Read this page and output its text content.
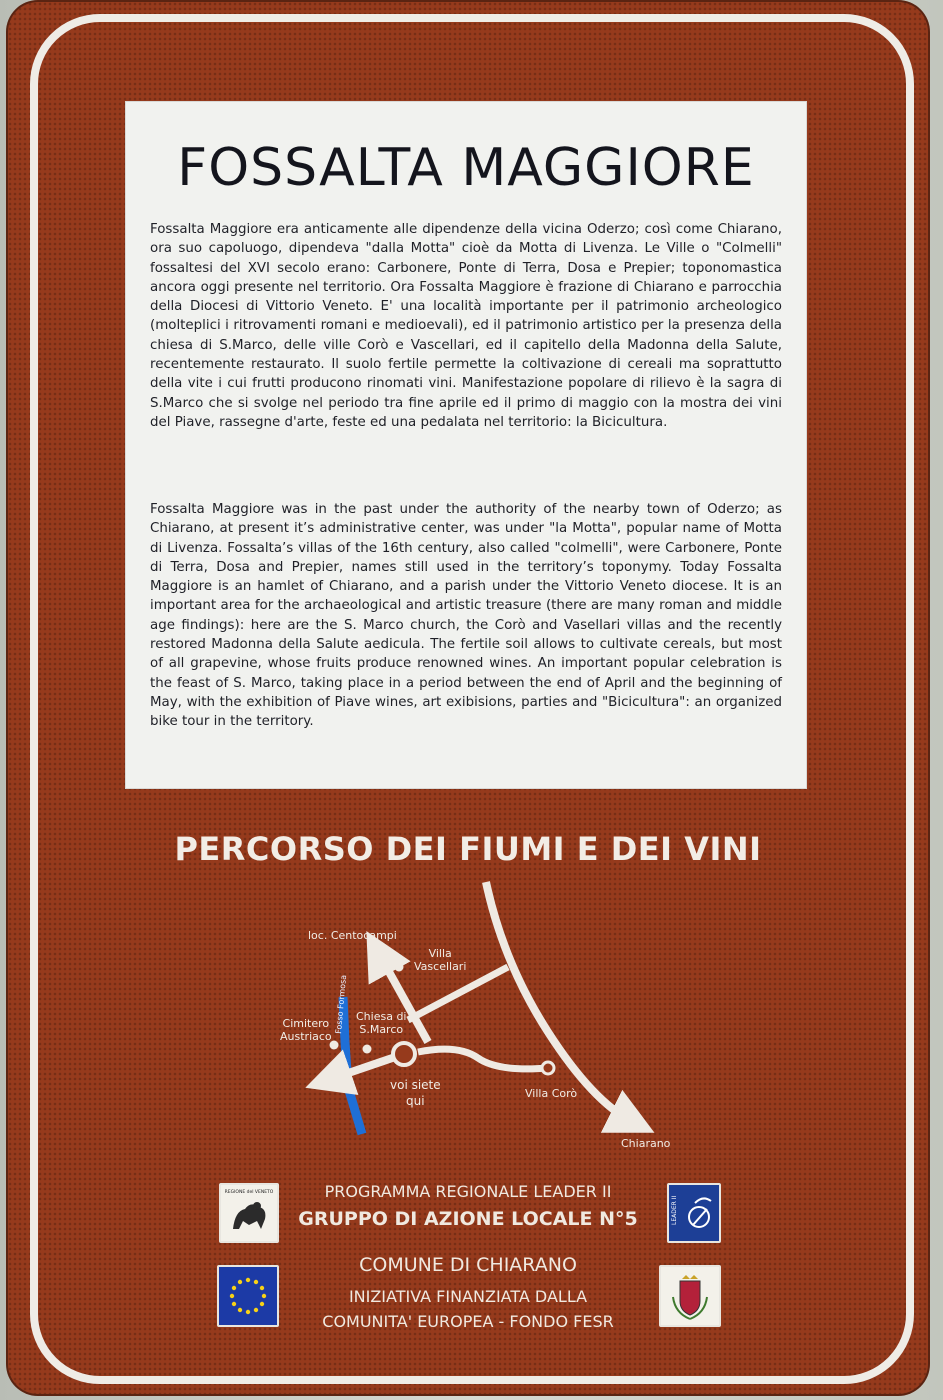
FOSSALTA MAGGIORE

Fossalta Maggiore era anticamente alle dipendenze della vicina Oderzo; così come Chiarano, ora suo capoluogo, dipendeva "dalla Motta" cioè da Motta di Livenza. Le Ville o "Colmelli" fossaltesi del XVI secolo erano: Carbonere, Ponte di Terra, Dosa e Prepier; toponomastica ancora oggi presente nel territorio. Ora Fossalta Maggiore è frazione di Chiarano e parrocchia della Diocesi di Vittorio Veneto. E' una località importante per il patrimonio archeologico (molteplici i ritrovamenti romani e medioevali), ed il patrimonio artistico per la presenza della chiesa di S.Marco, delle ville Corò e Vascellari, ed il capitello della Madonna della Salute, recentemente restaurato. Il suolo fertile permette la coltivazione di cereali ma soprattutto della vite i cui frutti producono rinomati vini. Manifestazione popolare di rilievo è la sagra di S.Marco che si svolge nel periodo tra fine aprile ed il primo di maggio con la mostra dei vini del Piave, rassegne d'arte, feste ed una pedalata nel territorio: la Bicicultura.

Fossalta Maggiore was in the past under the authority of the nearby town of Oderzo; as Chiarano, at present it’s administrative center, was under "la Motta", popular name of Motta di Livenza. Fossalta’s villas of the 16th century, also called "colmelli", were Carbonere, Ponte di Terra, Dosa and Prepier, names still used in the territory’s toponymy. Today Fossalta Maggiore is an hamlet of Chiarano, and a parish under the Vittorio Veneto diocese. It is an important area for the archaeological and artistic treasure (there are many roman and middle age findings): here are the S. Marco church, the Corò and Vasellari villas and the recently restored Madonna della Salute aedicula. The fertile soil allows to cultivate cereals, but most of all grapevine, whose fruits produce renowned wines. An important popular celebration is the feast of S. Marco, taking place in a period between the end of April and the beginning of May, with the exhibition of Piave wines, art exibisions, parties and "Bicicultura": an organized bike tour in the territory.

PERCORSO DEI FIUMI E DEI VINI
Fosso Formosa
loc. Centocampi
Villa
Vascellari
Cimitero
Austriaco
Chiesa di
S.Marco
voi siete
qui
Villa Corò
Chiarano

PROGRAMMA REGIONALE LEADER II

GRUPPO DI AZIONE LOCALE N°5

COMUNE DI CHIARANO

INIZIATIVA FINANZIATA DALLA

COMUNITA' EUROPEA - FONDO FESR

REGIONE del VENETO
LEADER II
